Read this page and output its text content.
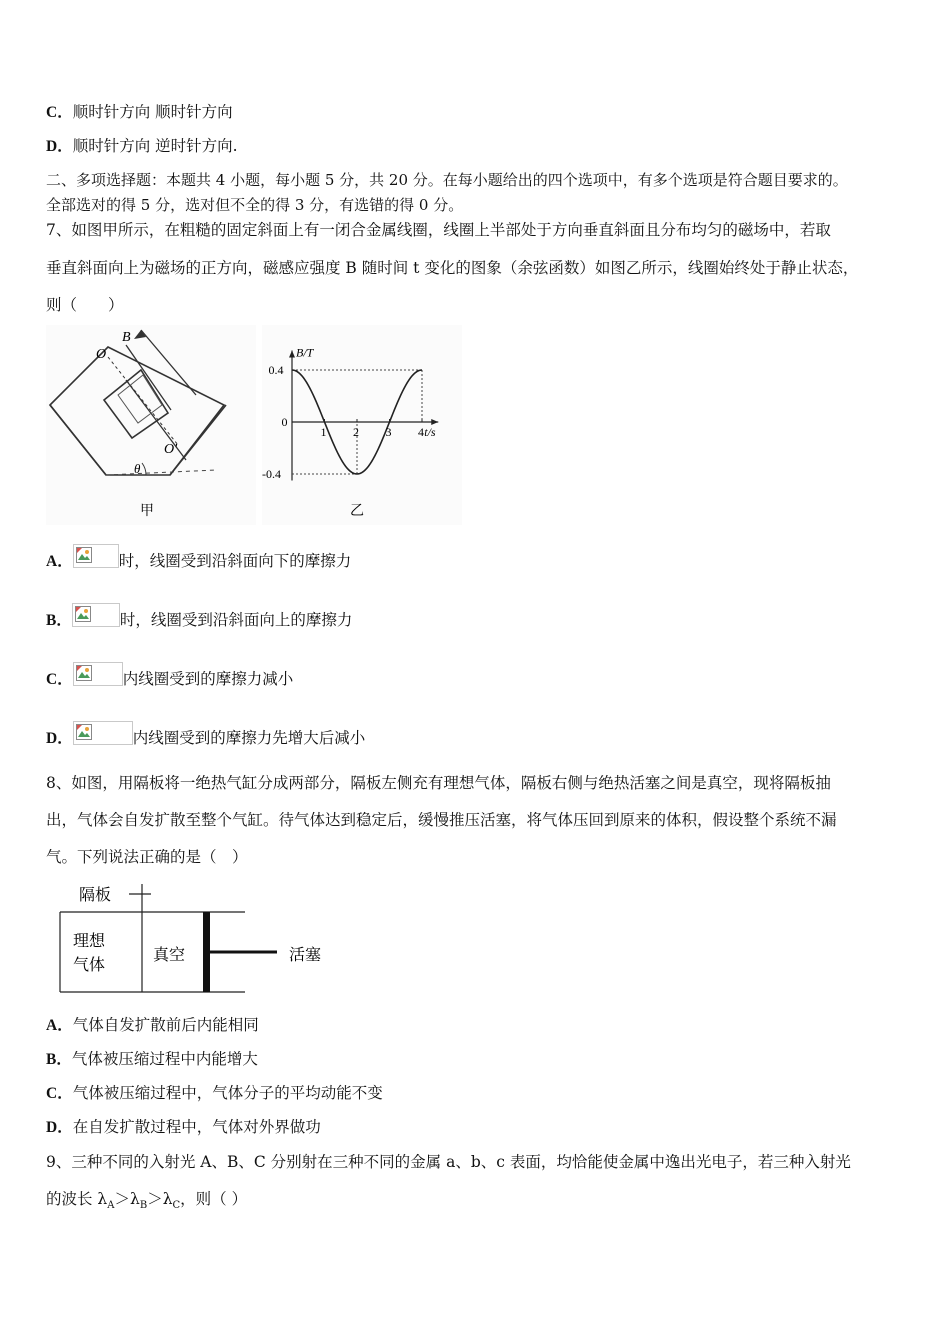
C．顺时针方向 顺时针方向
D．顺时针方向 逆时针方向.
二、多项选择题：本题共 4 小题，每小题 5 分，共 20 分。在每小题给出的四个选项中，有多个选项是符合题目要求的。
全部选对的得 5 分，选对但不全的得 3 分，有选错的得 0 分。
7、如图甲所示，在粗糙的固定斜面上有一闭合金属线圈，线圈上半部处于方向垂直斜面且分布均匀的磁场中，若取
垂直斜面向上为磁场的正方向，磁感应强度 B 随时间 t 变化的图象（余弦函数）如图乙所示，线圈始终处于静止状态，
则（　　）
O
B
O'
θ
甲
1 2 3 4
0.4
0
-0.4
t/s
B/T
乙
A．	时，线圈受到沿斜面向下的摩擦力
B．	时，线圈受到沿斜面向上的摩擦力
C．	内线圈受到的摩擦力减小
D．	内线圈受到的摩擦力先增大后减小
8、如图，用隔板将一绝热气缸分成两部分，隔板左侧充有理想气体，隔板右侧与绝热活塞之间是真空，现将隔板抽
出，气体会自发扩散至整个气缸。待气体达到稳定后，缓慢推压活塞，将气体压回到原来的体积，假设整个系统不漏
气。下列说法正确的是（　）
隔板
理想
气体
真空	活塞
A．气体自发扩散前后内能相同
B．气体被压缩过程中内能增大
C．气体被压缩过程中，气体分子的平均动能不变
D．在自发扩散过程中，气体对外界做功
9、三种不同的入射光 A、B、C 分别射在三种不同的金属 a、b、c 表面，均恰能使金属中逸出光电子，若三种入射光
的波长 $\lambda_A>\lambda_B>\lambda_C$，则（ ）
